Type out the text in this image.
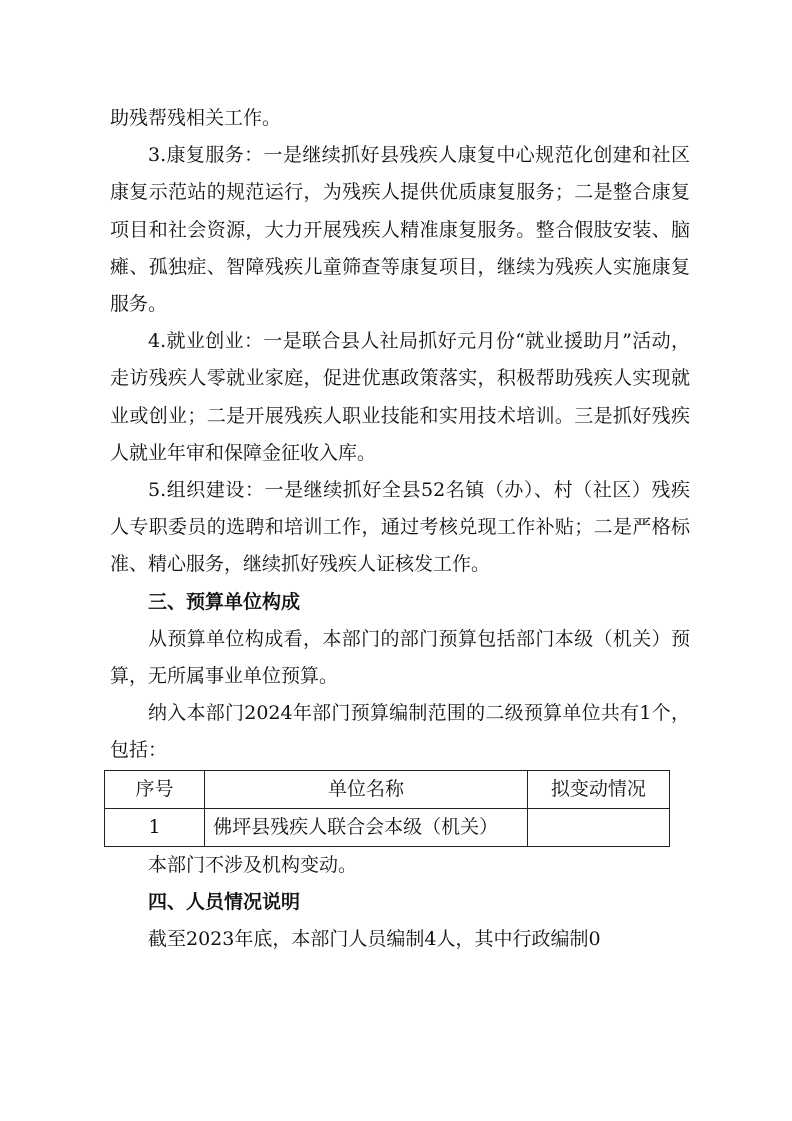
助残帮残相关工作。

3.康复服务：一是继续抓好县残疾人康复中心规范化创建和社区康复示范站的规范运行，为残疾人提供优质康复服务；二是整合康复项目和社会资源，大力开展残疾人精准康复服务。整合假肢安装、脑瘫、孤独症、智障残疾儿童筛查等康复项目，继续为残疾人实施康复服务。

4.就业创业：一是联合县人社局抓好元月份“就业援助月”活动，走访残疾人零就业家庭，促进优惠政策落实，积极帮助残疾人实现就业或创业；二是开展残疾人职业技能和实用技术培训。三是抓好残疾人就业年审和保障金征收入库。

5.组织建设：一是继续抓好全县52名镇（办）、村（社区）残疾人专职委员的选聘和培训工作，通过考核兑现工作补贴；二是严格标准、精心服务，继续抓好残疾人证核发工作。

三、预算单位构成

从预算单位构成看，本部门的部门预算包括部门本级（机关）预算，无所属事业单位预算。

纳入本部门2024年部门预算编制范围的二级预算单位共有1个，包括：

序号	单位名称	拟变动情况
1	佛坪县残疾人联合会本级（机关）	

本部门不涉及机构变动。

四、人员情况说明

截至2023年底，本部门人员编制4人，其中行政编制0
